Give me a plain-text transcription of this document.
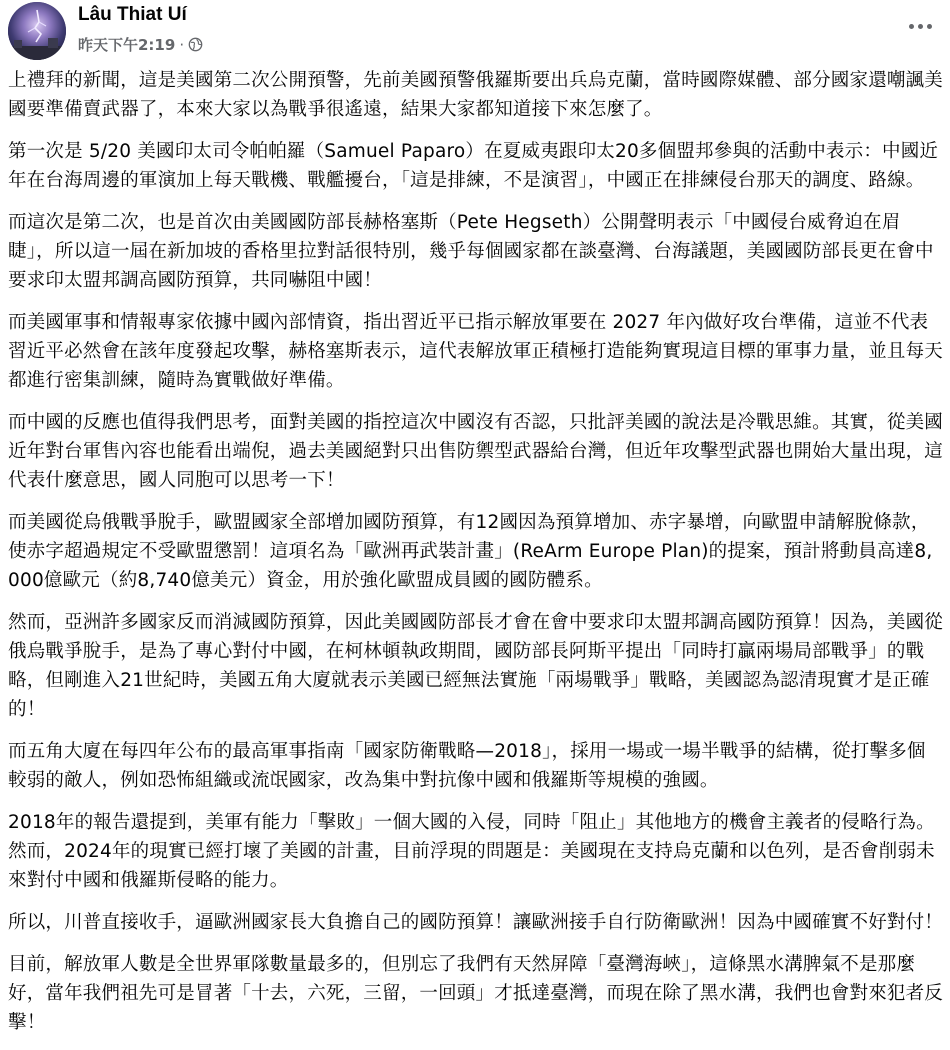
Lâu Thiat Uí
昨天下午2:19 ·

上禮拜的新聞，這是美國第二次公開預警，先前美國預警俄羅斯要出兵烏克蘭，當時國際媒體、部分國家還嘲諷美國要準備賣武器了，本來大家以為戰爭很遙遠，結果大家都知道接下來怎麼了。

第一次是 5/20 美國印太司令帕帕羅（Samuel Paparo）在夏威夷跟印太20多個盟邦參與的活動中表示：中國近年在台海周邊的軍演加上每天戰機、戰艦擾台，「這是排練，不是演習」，中國正在排練侵台那天的調度、路線。

而這次是第二次，也是首次由美國國防部長赫格塞斯（Pete Hegseth）公開聲明表示「中國侵台威脅迫在眉睫」，所以這一屆在新加坡的香格里拉對話很特別，幾乎每個國家都在談臺灣、台海議題，美國國防部長更在會中要求印太盟邦調高國防預算，共同嚇阻中國！

而美國軍事和情報專家依據中國內部情資，指出習近平已指示解放軍要在 2027 年內做好攻台準備，這並不代表習近平必然會在該年度發起攻擊，赫格塞斯表示，這代表解放軍正積極打造能夠實現這目標的軍事力量，並且每天都進行密集訓練，隨時為實戰做好準備。

而中國的反應也值得我們思考，面對美國的指控這次中國沒有否認，只批評美國的說法是冷戰思維。其實，從美國近年對台軍售內容也能看出端倪，過去美國絕對只出售防禦型武器給台灣，但近年攻擊型武器也開始大量出現，這代表什麼意思，國人同胞可以思考一下！

而美國從烏俄戰爭脫手，歐盟國家全部增加國防預算，有12國因為預算增加、赤字暴增，向歐盟申請解脫條款，使赤字超過規定不受歐盟懲罰！這項名為「歐洲再武裝計畫」(ReArm Europe Plan)的提案，預計將動員高達8,000億歐元（約8,740億美元）資金，用於強化歐盟成員國的國防體系。

然而，亞洲許多國家反而消減國防預算，因此美國國防部長才會在會中要求印太盟邦調高國防預算！因為，美國從俄烏戰爭脫手，是為了專心對付中國，在柯林頓執政期間，國防部長阿斯平提出「同時打贏兩場局部戰爭」的戰略，但剛進入21世紀時，美國五角大廈就表示美國已經無法實施「兩場戰爭」戰略，美國認為認清現實才是正確的！

而五角大廈在每四年公布的最高軍事指南「國家防衛戰略—2018」，採用一場或一場半戰爭的結構，從打擊多個較弱的敵人，例如恐怖組織或流氓國家，改為集中對抗像中國和俄羅斯等規模的強國。

2018年的報告還提到，美軍有能力「擊敗」一個大國的入侵，同時「阻止」其他地方的機會主義者的侵略行為。然而，2024年的現實已經打壞了美國的計畫，目前浮現的問題是：美國現在支持烏克蘭和以色列，是否會削弱未來對付中國和俄羅斯侵略的能力。

所以，川普直接收手，逼歐洲國家長大負擔自己的國防預算！讓歐洲接手自行防衛歐洲！因為中國確實不好對付！

目前，解放軍人數是全世界軍隊數量最多的，但別忘了我們有天然屏障「臺灣海峽」，這條黑水溝脾氣不是那麼好，當年我們祖先可是冒著「十去，六死，三留，一回頭」才抵達臺灣，而現在除了黑水溝，我們也會對來犯者反擊！
